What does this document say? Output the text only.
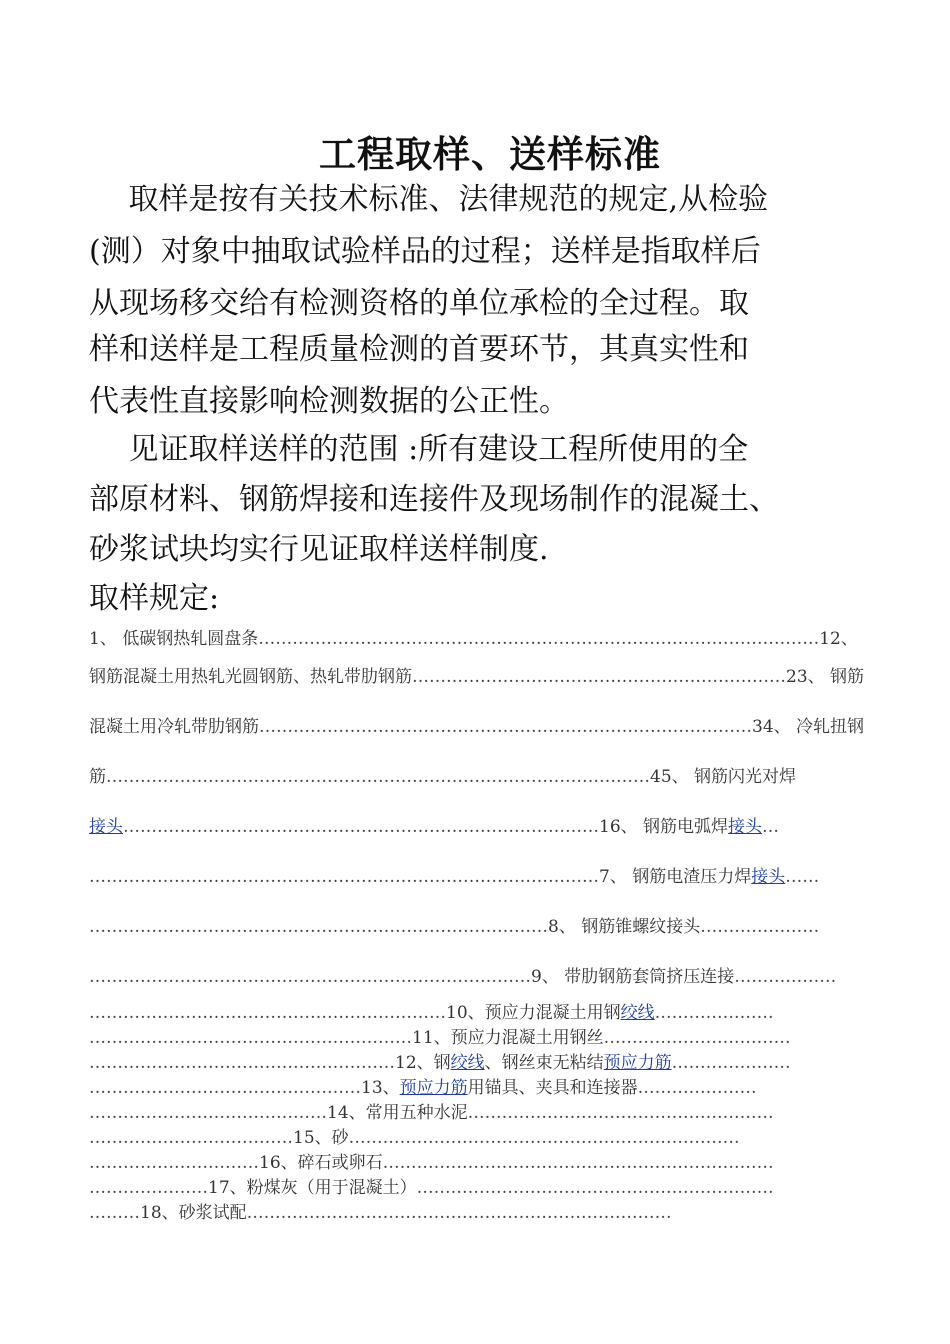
工程取样、送样标准
　 取样是按有关技术标准、法律规范的规定,从检验
(测）对象中抽取试验样品的过程；送样是指取样后
从现场移交给有检测资格的单位承检的全过程。取
样和送样是工程质量检测的首要环节，其真实性和
代表性直接影响检测数据的公正性。
　 见证取样送样的范围 :所有建设工程所使用的全
部原材料、钢筋焊接和连接件及现场制作的混凝土、
砂浆试块均实行见证取样送样制度.
取样规定:
1、 低碳钢热轧圆盘条………………………………………………………………………………………12、
钢筋混凝土用热轧光圆钢筋、热轧带肋钢筋…………………………………………………………23、 钢筋
混凝土用冷轧带肋钢筋……………………………………………………………………………34、 冷轧扭钢
筋……………………………………………………………………………………45、 钢筋闪光对焊
接头…………………………………………………………………………16、 钢筋电弧焊接头…
………………………………………………………………………………7、 钢筋电渣压力焊接头……
………………………………………………………………………8、 钢筋锥螺纹接头…………………
……………………………………………………………………9、 带肋钢筋套筒挤压连接………………
………………………………………………………10、预应力混凝土用钢绞线…………………
…………………………………………………11、预应力混凝土用钢丝……………………………
………………………………………………12、钢绞线、钢丝束无粘结预应力筋…………………
…………………………………………13、预应力筋用锚具、夹具和连接器…………………
……………………………………14、常用五种水泥………………………………………………
………………………………15、砂……………………………………………………………
…………………………16、碎石或卵石……………………………………………………………
…………………17、粉煤灰（用于混凝土）………………………………………………………
………18、砂浆试配…………………………………………………………………
